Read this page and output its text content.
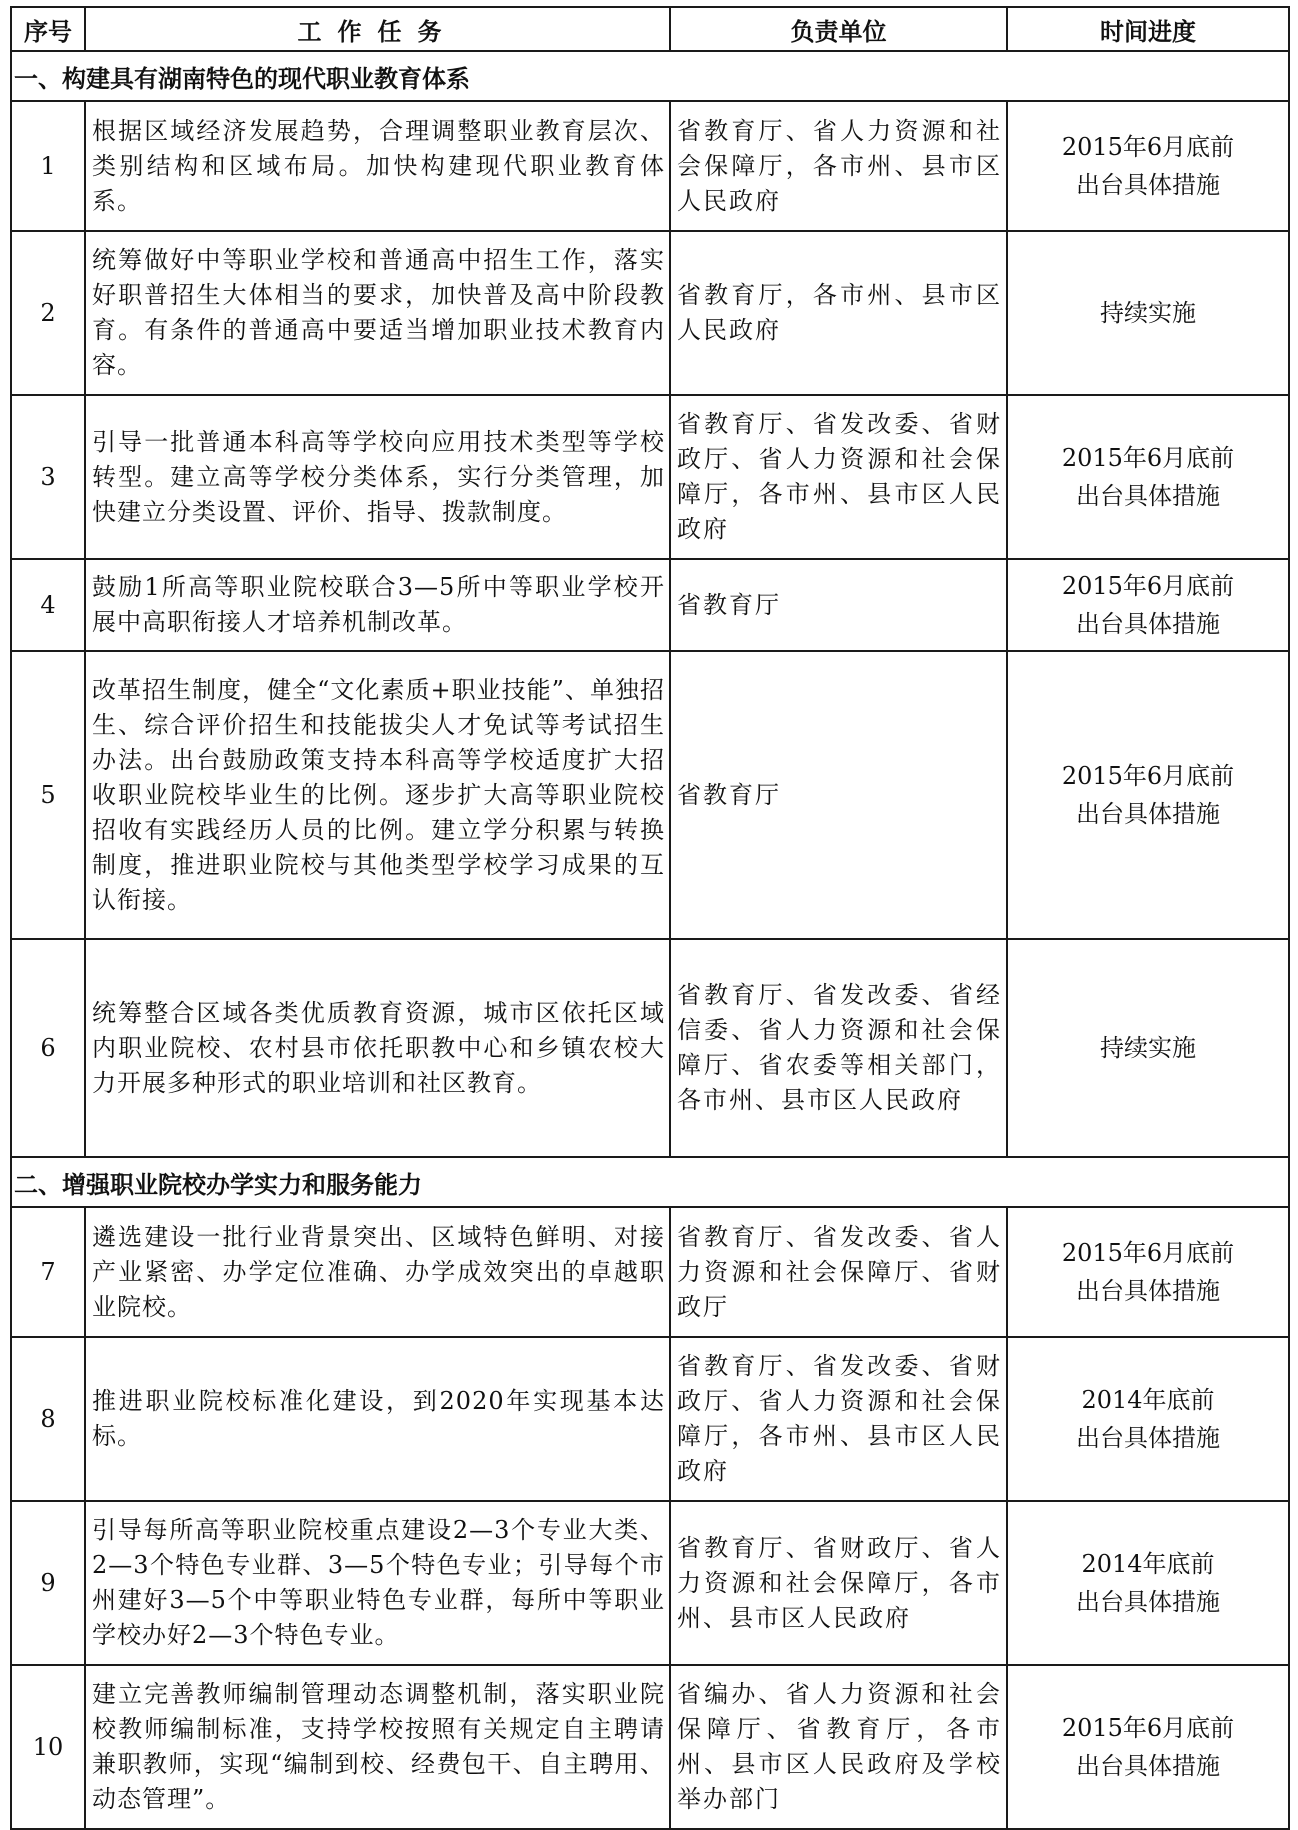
序号	工作任务	负责单位	时间进度
一、构建具有湖南特色的现代职业教育体系			
1	根据区域经济发展趋势，合理调整职业教育层次、类别结构和区域布局。加快构建现代职业教育体系。	省教育厅、省人力资源和社会保障厅，各市州、县市区人民政府	2015年6月底前
出台具体措施

2	统筹做好中等职业学校和普通高中招生工作，落实好职普招生大体相当的要求，加快普及高中阶段教育。有条件的普通高中要适当增加职业技术教育内容。	省教育厅，各市州、县市区人民政府	持续实施

3	引导一批普通本科高等学校向应用技术类型等学校转型。建立高等学校分类体系，实行分类管理，加快建立分类设置、评价、指导、拨款制度。	省教育厅、省发改委、省财政厅、省人力资源和社会保障厅，各市州、县市区人民政府	2015年6月底前
出台具体措施

4	鼓励1所高等职业院校联合3—5所中等职业学校开展中高职衔接人才培养机制改革。	省教育厅	2015年6月底前
出台具体措施

5	改革招生制度，健全“文化素质+职业技能”、单独招生、综合评价招生和技能拔尖人才免试等考试招生办法。出台鼓励政策支持本科高等学校适度扩大招收职业院校毕业生的比例。逐步扩大高等职业院校招收有实践经历人员的比例。建立学分积累与转换制度，推进职业院校与其他类型学校学习成果的互认衔接。	省教育厅	2015年6月底前
出台具体措施

6	统筹整合区域各类优质教育资源，城市区依托区域内职业院校、农村县市依托职教中心和乡镇农校大力开展多种形式的职业培训和社区教育。	省教育厅、省发改委、省经信委、省人力资源和社会保障厅、省农委等相关部门，各市州、县市区人民政府	持续实施

二、增强职业院校办学实力和服务能力			
7	遴选建设一批行业背景突出、区域特色鲜明、对接产业紧密、办学定位准确、办学成效突出的卓越职业院校。	省教育厅、省发改委、省人力资源和社会保障厅、省财政厅	2015年6月底前
出台具体措施

8	推进职业院校标准化建设，到2020年实现基本达标。	省教育厅、省发改委、省财政厅、省人力资源和社会保障厅，各市州、县市区人民政府	2014年底前
出台具体措施

9	引导每所高等职业院校重点建设2—3个专业大类、2—3个特色专业群、3—5个特色专业；引导每个市州建好3—5个中等职业特色专业群，每所中等职业学校办好2—3个特色专业。	省教育厅、省财政厅、省人力资源和社会保障厅，各市州、县市区人民政府	2014年底前
出台具体措施

10	建立完善教师编制管理动态调整机制，落实职业院校教师编制标准，支持学校按照有关规定自主聘请兼职教师，实现“编制到校、经费包干、自主聘用、动态管理”。	省编办、省人力资源和社会保障厅、省教育厅，各市州、县市区人民政府及学校举办部门	2015年6月底前
出台具体措施
